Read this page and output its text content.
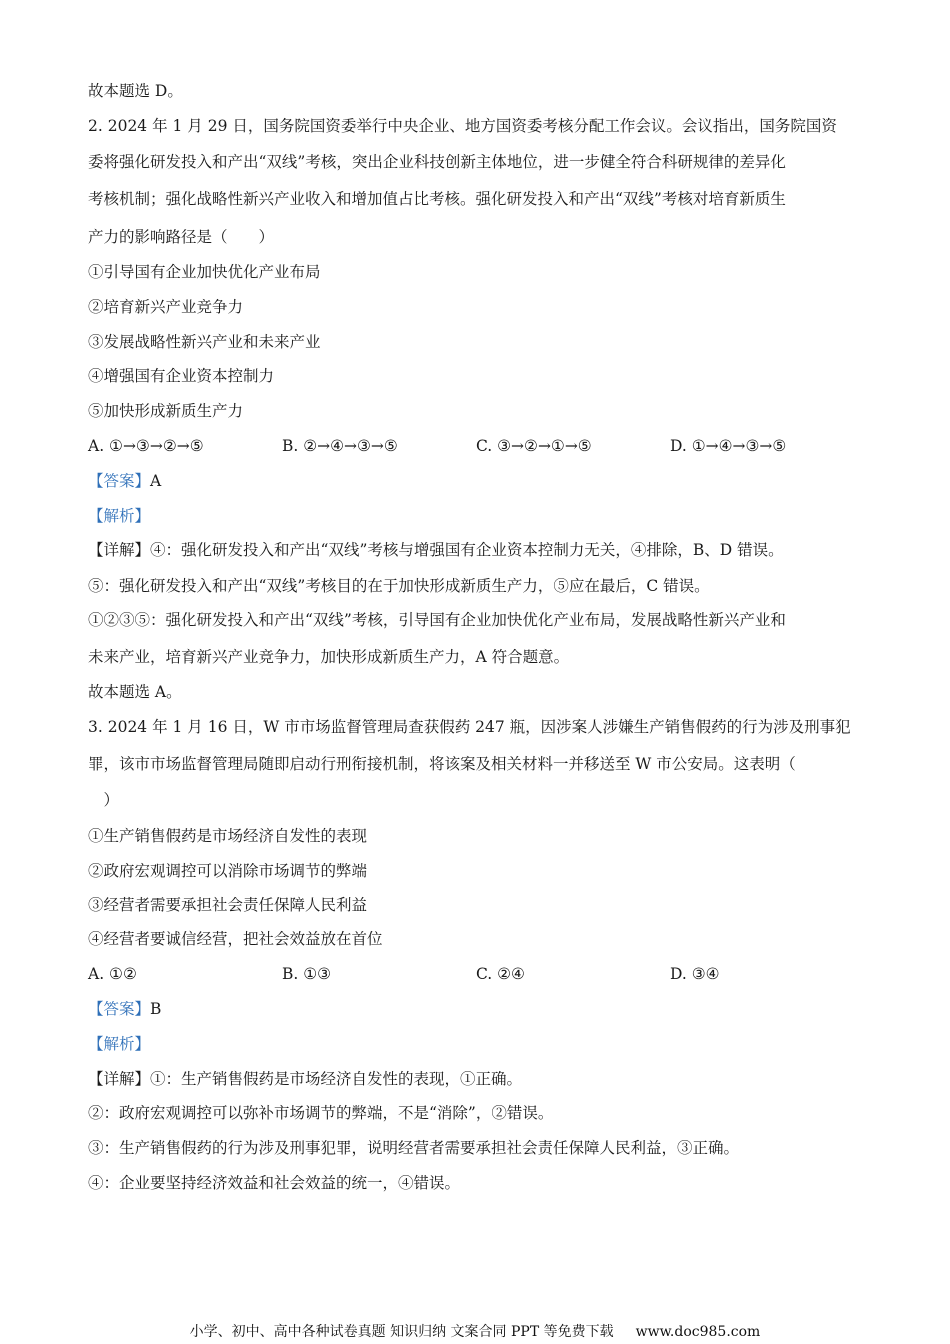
故本题选 D。
2. 2024 年 1 月 29 日，国务院国资委举行中央企业、地方国资委考核分配工作会议。会议指出，国务院国资
委将强化研发投入和产出“双线”考核，突出企业科技创新主体地位，进一步健全符合科研规律的差异化
考核机制；强化战略性新兴产业收入和增加值占比考核。强化研发投入和产出“双线”考核对培育新质生
产力的影响路径是（　　）
①引导国有企业加快优化产业布局
②培育新兴产业竞争力
③发展战略性新兴产业和未来产业
④增强国有企业资本控制力
⑤加快形成新质生产力
A. ①→③→②→⑤	B. ②→④→③→⑤	C. ③→②→①→⑤	D. ①→④→③→⑤
【答案】A
【解析】
【详解】④：强化研发投入和产出“双线”考核与增强国有企业资本控制力无关，④排除，B、D 错误。
⑤：强化研发投入和产出“双线”考核目的在于加快形成新质生产力，⑤应在最后，C 错误。
①②③⑤：强化研发投入和产出“双线”考核，引导国有企业加快优化产业布局，发展战略性新兴产业和
未来产业，培育新兴产业竞争力，加快形成新质生产力，A 符合题意。
故本题选 A。
3. 2024 年 1 月 16 日，W 市市场监督管理局查获假药 247 瓶，因涉案人涉嫌生产销售假药的行为涉及刑事犯
罪，该市市场监督管理局随即启动行刑衔接机制，将该案及相关材料一并移送至 W 市公安局。这表明（
　）
①生产销售假药是市场经济自发性的表现
②政府宏观调控可以消除市场调节的弊端
③经营者需要承担社会责任保障人民利益
④经营者要诚信经营，把社会效益放在首位
A. ①②	B. ①③	C. ②④	D. ③④
【答案】B
【解析】
【详解】①：生产销售假药是市场经济自发性的表现，①正确。
②：政府宏观调控可以弥补市场调节的弊端，不是“消除”，②错误。
③：生产销售假药的行为涉及刑事犯罪，说明经营者需要承担社会责任保障人民利益，③正确。
④：企业要坚持经济效益和社会效益的统一，④错误。
小学、初中、高中各种试卷真题 知识归纳 文案合同 PPT 等免费下载 www.doc985.com
